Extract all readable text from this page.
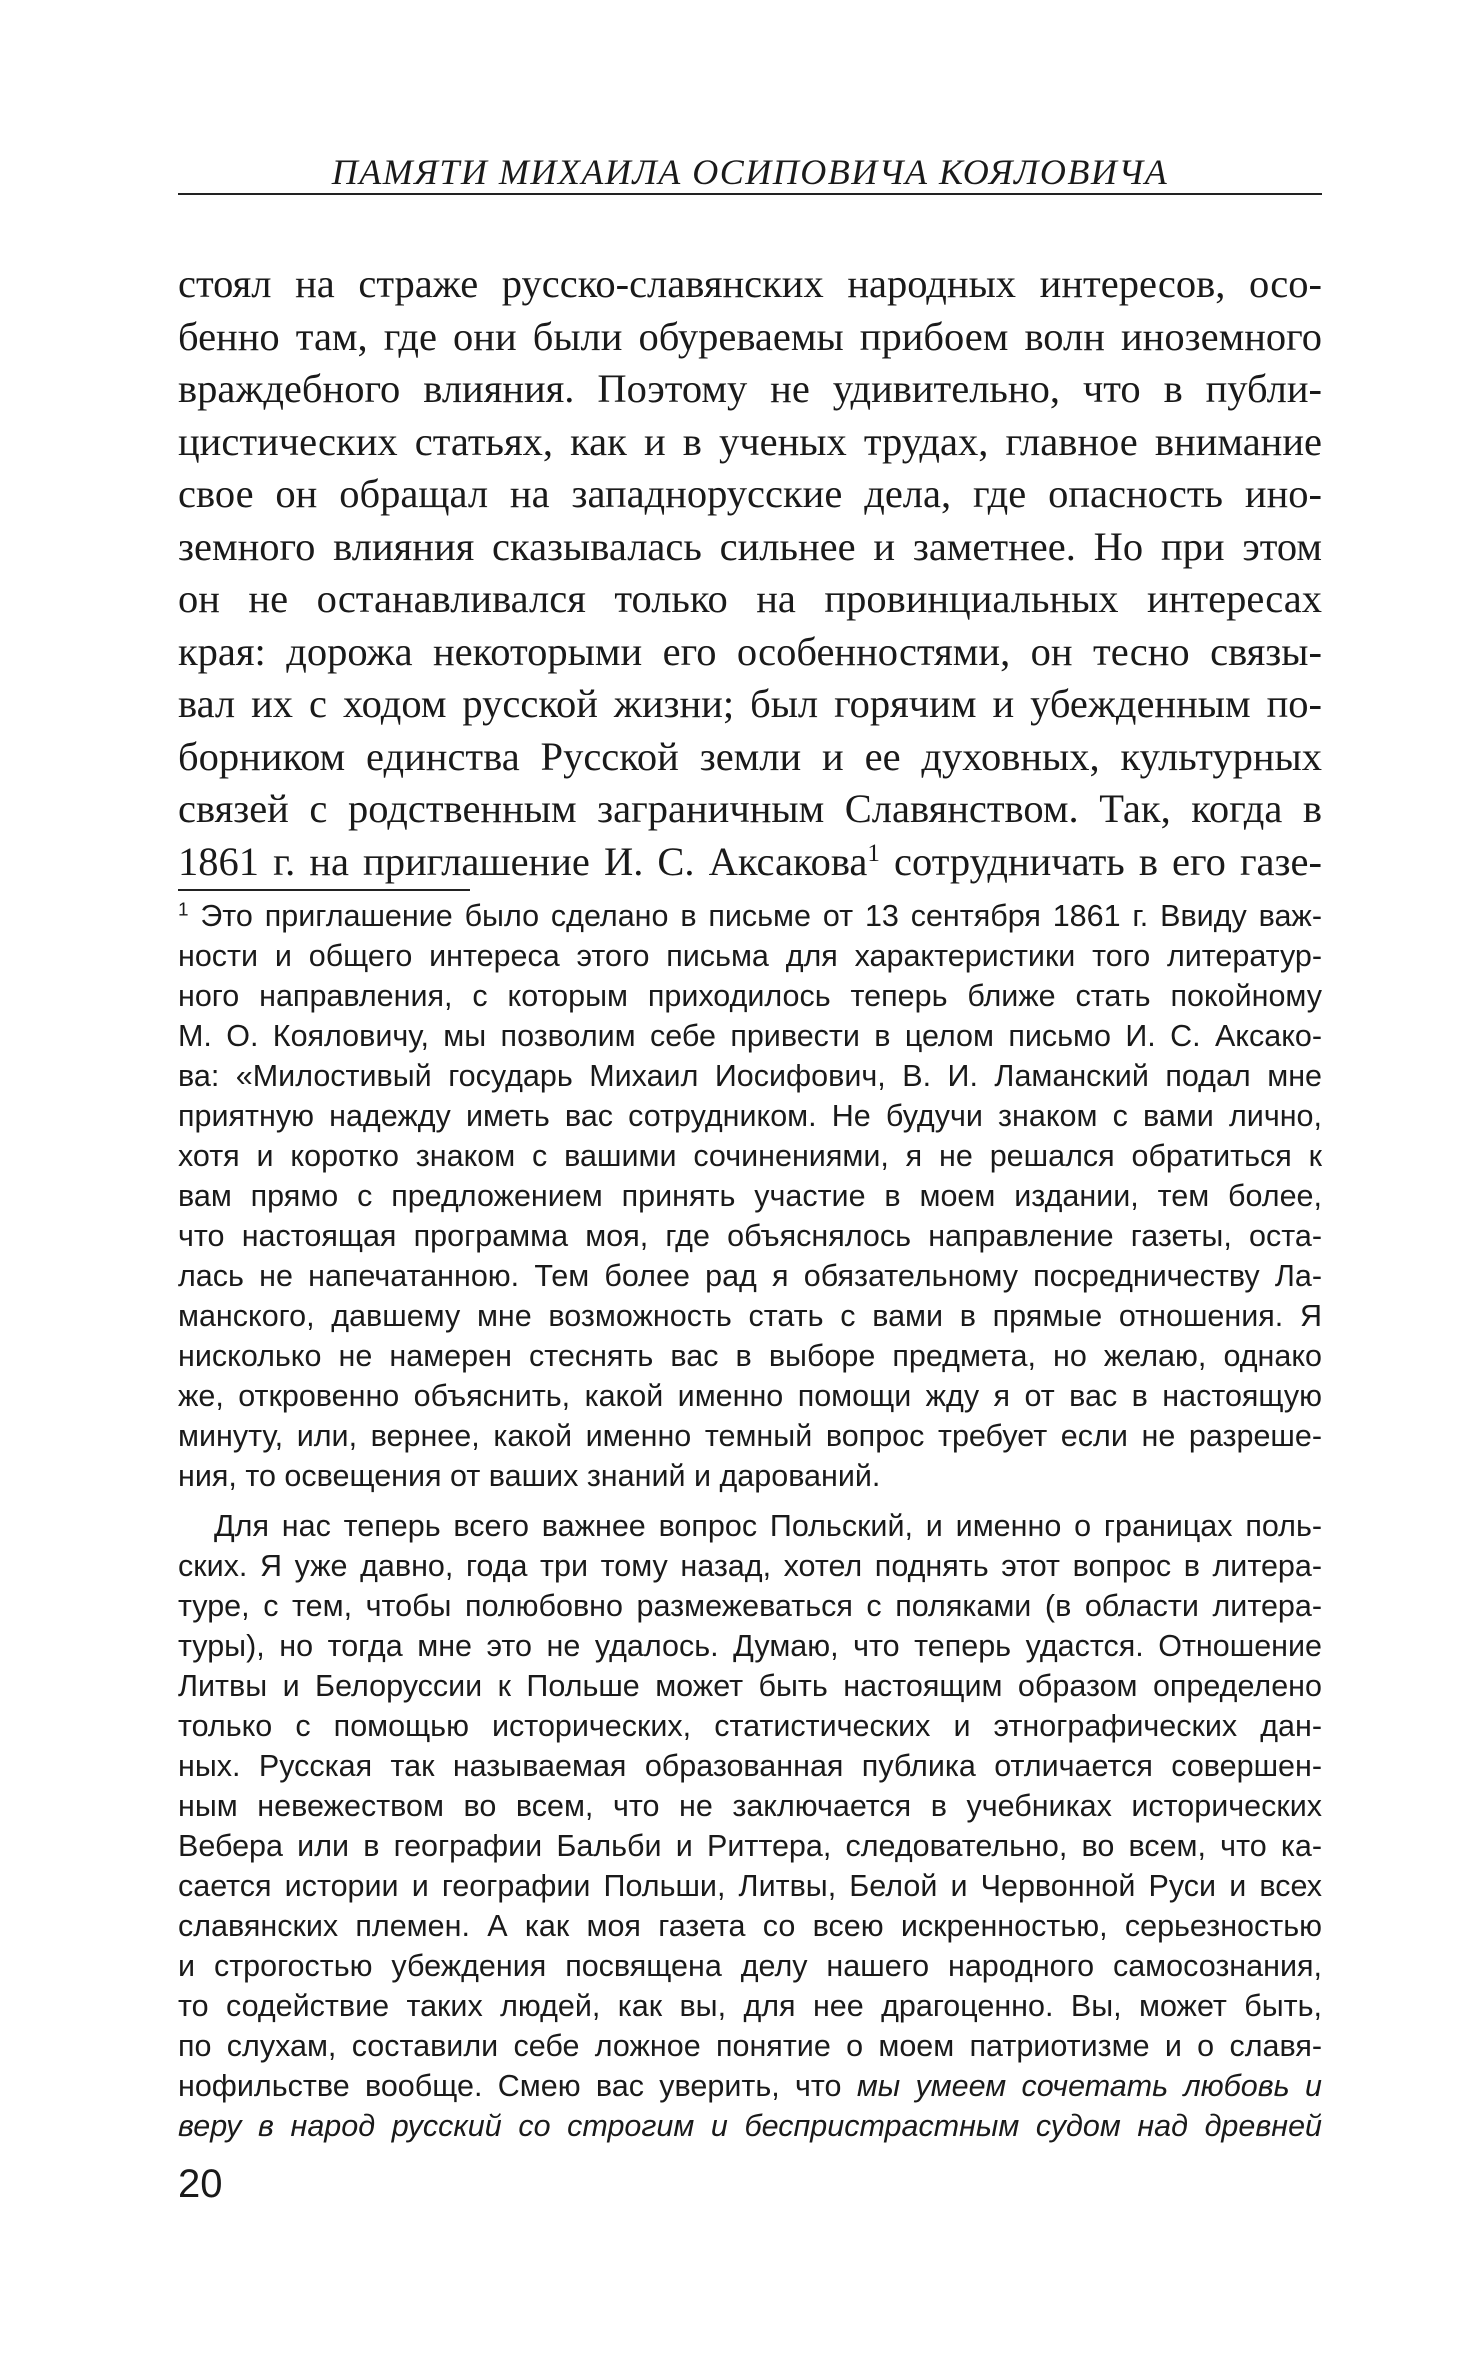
ПАМЯТИ МИХАИЛА ОСИПОВИЧА КОЯЛОВИЧА
стоял на страже русско-славянских народных интересов, осо-
бенно там, где они были обуреваемы прибоем волн иноземного
враждебного влияния. Поэтому не удивительно, что в публи-
цистических статьях, как и в ученых трудах, главное внимание
свое он обращал на западнорусские дела, где опасность ино-
земного влияния сказывалась сильнее и заметнее. Но при этом
он не останавливался только на провинциальных интересах
края: дорожа некоторыми его особенностями, он тесно связы-
вал их с ходом русской жизни; был горячим и убежденным по-
борником единства Русской земли и ее духовных, культурных
связей с родственным заграничным Славянством. Так, когда в
1861 г. на приглашение И. С. Аксакова$^1$ сотрудничать в его газе-
$^1$ Это приглашение было сделано в письме от 13 сентября 1861 г. Ввиду важ-
ности и общего интереса этого письма для характеристики того литератур-
ного направления, с которым приходилось теперь ближе стать покойному
М. О. Кояловичу, мы позволим себе привести в целом письмо И. С. Аксако-
ва: «Милостивый государь Михаил Иосифович, В. И. Ламанский подал мне
приятную надежду иметь вас сотрудником. Не будучи знаком с вами лично,
хотя и коротко знаком с вашими сочинениями, я не решался обратиться к
вам прямо с предложением принять участие в моем издании, тем более,
что настоящая программа моя, где объяснялось направление газеты, оста-
лась не напечатанною. Тем более рад я обязательному посредничеству Ла-
манского, давшему мне возможность стать с вами в прямые отношения. Я
нисколько не намерен стеснять вас в выборе предмета, но желаю, однако
же, откровенно объяснить, какой именно помощи жду я от вас в настоящую
минуту, или, вернее, какой именно темный вопрос требует если не разреше-
ния, то освещения от ваших знаний и дарований.
Для нас теперь всего важнее вопрос Польский, и именно о границах поль-
ских. Я уже давно, года три тому назад, хотел поднять этот вопрос в литера-
туре, с тем, чтобы полюбовно размежеваться с поляками (в области литера-
туры), но тогда мне это не удалось. Думаю, что теперь удастся. Отношение
Литвы и Белоруссии к Польше может быть настоящим образом определено
только с помощью исторических, статистических и этнографических дан-
ных. Русская так называемая образованная публика отличается совершен-
ным невежеством во всем, что не заключается в учебниках исторических
Вебера или в географии Бальби и Риттера, следовательно, во всем, что ка-
сается истории и географии Польши, Литвы, Белой и Червонной Руси и всех
славянских племен. А как моя газета со всею искренностью, серьезностью
и строгостью убеждения посвящена делу нашего народного самосознания,
то содействие таких людей, как вы, для нее драгоценно. Вы, может быть,
по слухам, составили себе ложное понятие о моем патриотизме и о славя-
нофильстве вообще. Смею вас уверить, что мы умеем сочетать любовь и
веру в народ русский со строгим и беспристрастным судом над древней
20
